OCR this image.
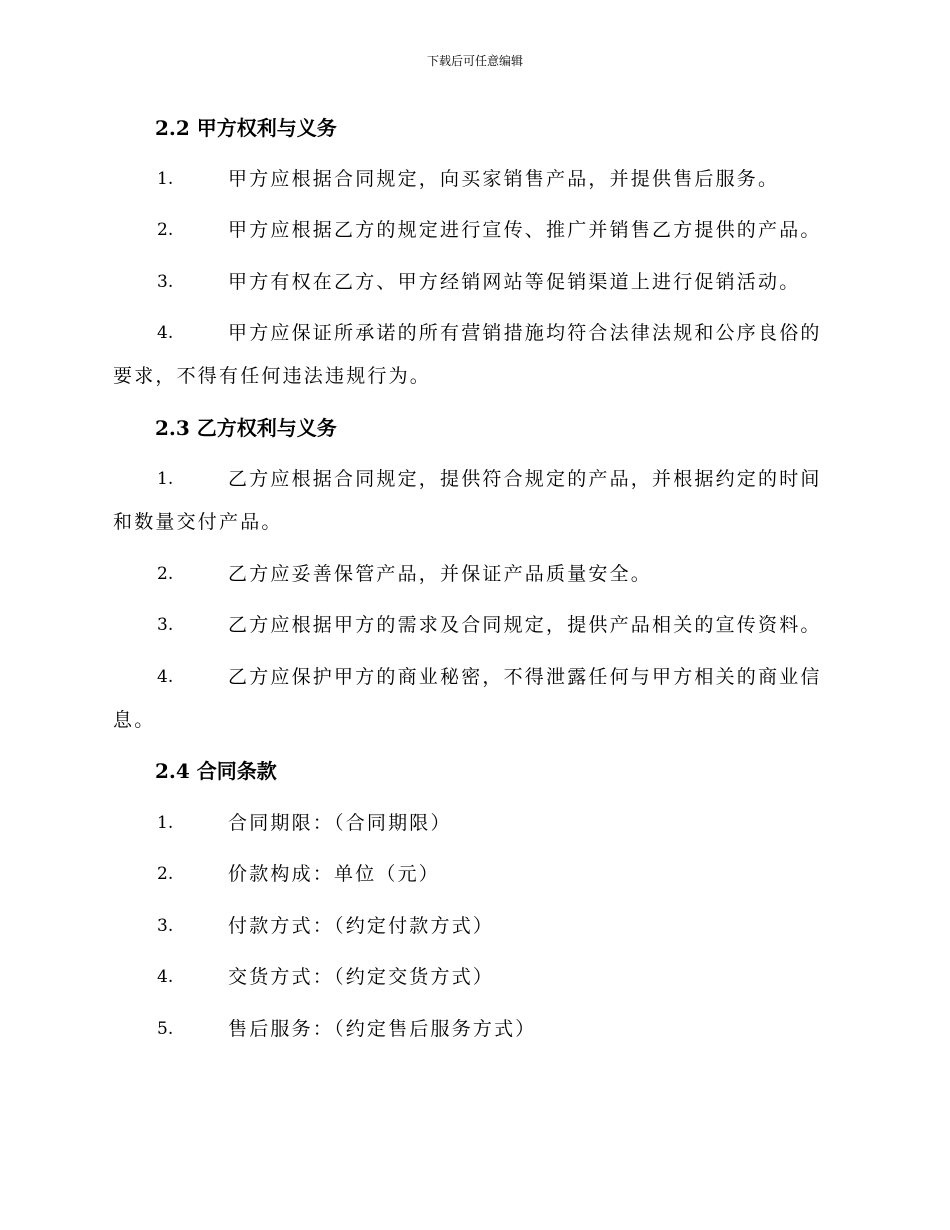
下载后可任意编辑
2.2 甲方权利与义务
1.	甲方应根据合同规定，向买家销售产品，并提供售后服务。
2.	甲方应根据乙方的规定进行宣传、推广并销售乙方提供的产品。
3.	甲方有权在乙方、甲方经销网站等促销渠道上进行促销活动。
4.	甲方应保证所承诺的所有营销措施均符合法律法规和公序良俗的
要求，不得有任何违法违规行为。
2.3 乙方权利与义务
1.	乙方应根据合同规定，提供符合规定的产品，并根据约定的时间
和数量交付产品。
2.	乙方应妥善保管产品，并保证产品质量安全。
3.	乙方应根据甲方的需求及合同规定，提供产品相关的宣传资料。
4.	乙方应保护甲方的商业秘密，不得泄露任何与甲方相关的商业信
息。
2.4 合同条款
1.	合同期限：（合同期限）
2.	价款构成：单位（元）
3.	付款方式：（约定付款方式）
4.	交货方式：（约定交货方式）
5.	售后服务：（约定售后服务方式）
